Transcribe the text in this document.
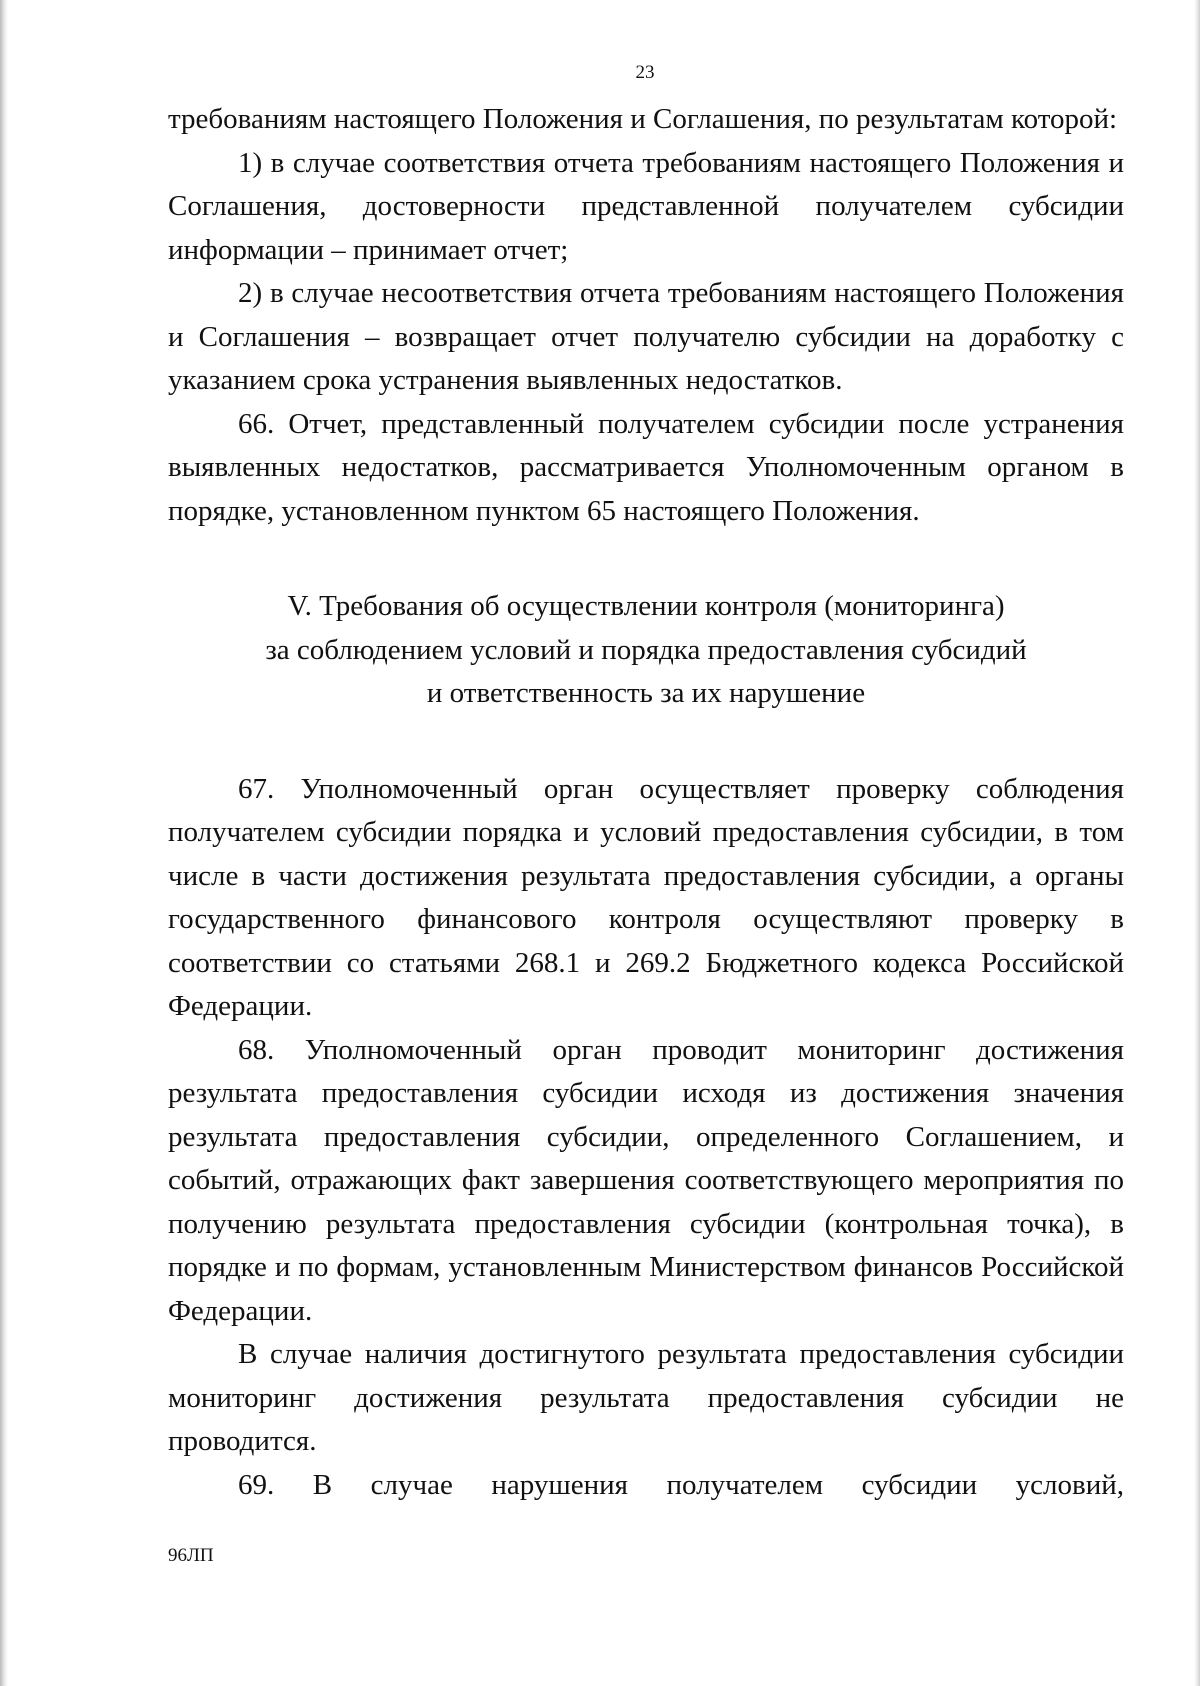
23

требованиям настоящего Положения и Соглашения, по результатам которой:

1) в случае соответствия отчета требованиям настоящего Положения и Соглашения, достоверности представленной получателем субсидии информации – принимает отчет;

2) в случае несоответствия отчета требованиям настоящего Положения и Соглашения – возвращает отчет получателю субсидии на доработку с указанием срока устранения выявленных недостатков.

66. Отчет, представленный получателем субсидии после устранения выявленных недостатков, рассматривается Уполномоченным органом в порядке, установленном пунктом 65 настоящего Положения.

V. Требования об осуществлении контроля (мониторинга)
за соблюдением условий и порядка предоставления субсидий
и ответственность за их нарушение

67. Уполномоченный орган осуществляет проверку соблюдения получателем субсидии порядка и условий предоставления субсидии, в том числе в части достижения результата предоставления субсидии, а органы государственного финансового контроля осуществляют проверку в соответствии со статьями 268.1 и 269.2 Бюджетного кодекса Российской Федерации.

68. Уполномоченный орган проводит мониторинг достижения результата предоставления субсидии исходя из достижения значения результата предоставления субсидии, определенного Соглашением, и событий, отражающих факт завершения соответствующего мероприятия по получению результата предоставления субсидии (контрольная точка), в порядке и по формам, установленным Министерством финансов Российской Федерации.

В случае наличия достигнутого результата предоставления субсидии мониторинг достижения результата предоставления субсидии не проводится.

69. В случае нарушения получателем субсидии условий,

96ЛП
